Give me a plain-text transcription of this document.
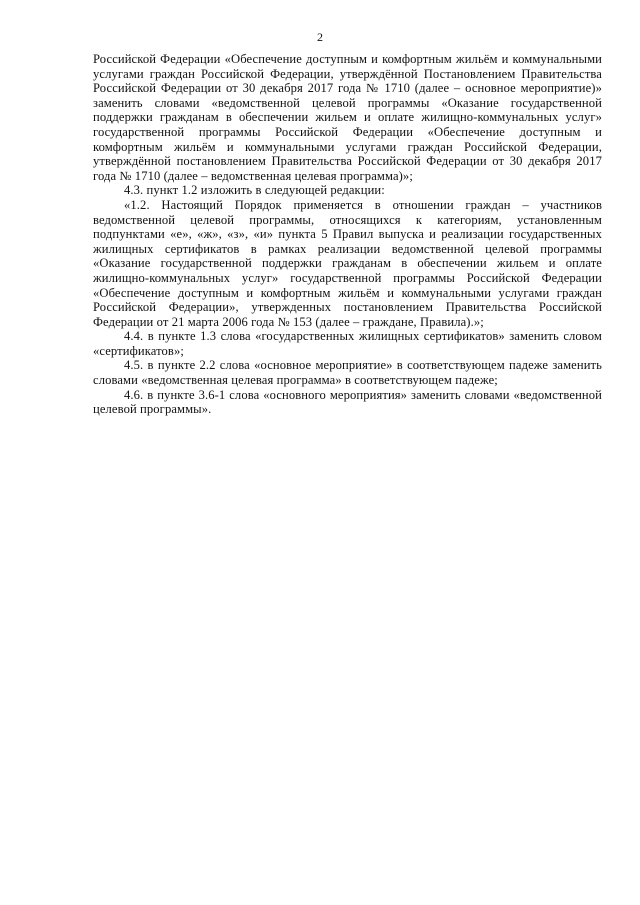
2

Российской Федерации «Обеспечение доступным и комфортным жильём и коммунальными услугами граждан Российской Федерации, утверждённой Постановлением Правительства Российской Федерации от 30 декабря 2017 года № 1710 (далее – основное мероприятие)» заменить словами «ведомственной целевой программы «Оказание государственной поддержки гражданам в обеспечении жильем и оплате жилищно-коммунальных услуг» государственной программы Российской Федерации «Обеспечение доступным и комфортным жильём и коммунальными услугами граждан Российской Федерации, утверждённой постановлением Правительства Российской Федерации от 30 декабря 2017 года № 1710 (далее – ведомственная целевая программа)»;

4.3. пункт 1.2 изложить в следующей редакции:

«1.2. Настоящий Порядок применяется в отношении граждан – участников ведомственной целевой программы, относящихся к категориям, установленным подпунктами «е», «ж», «з», «и» пункта 5 Правил выпуска и реализации государственных жилищных сертификатов в рамках реализации ведомственной целевой программы «Оказание государственной поддержки гражданам в обеспечении жильем и оплате жилищно-коммунальных услуг» государственной программы Российской Федерации «Обеспечение доступным и комфортным жильём и коммунальными услугами граждан Российской Федерации», утвержденных постановлением Правительства Российской Федерации от 21 марта 2006 года № 153 (далее – граждане, Правила).»;

4.4. в пункте 1.3 слова «государственных жилищных сертификатов» заменить словом «сертификатов»;

4.5. в пункте 2.2 слова «основное мероприятие» в соответствующем падеже заменить словами «ведомственная целевая программа» в соответствующем падеже;

4.6. в пункте 3.6-1 слова «основного мероприятия» заменить словами «ведомственной целевой программы».
